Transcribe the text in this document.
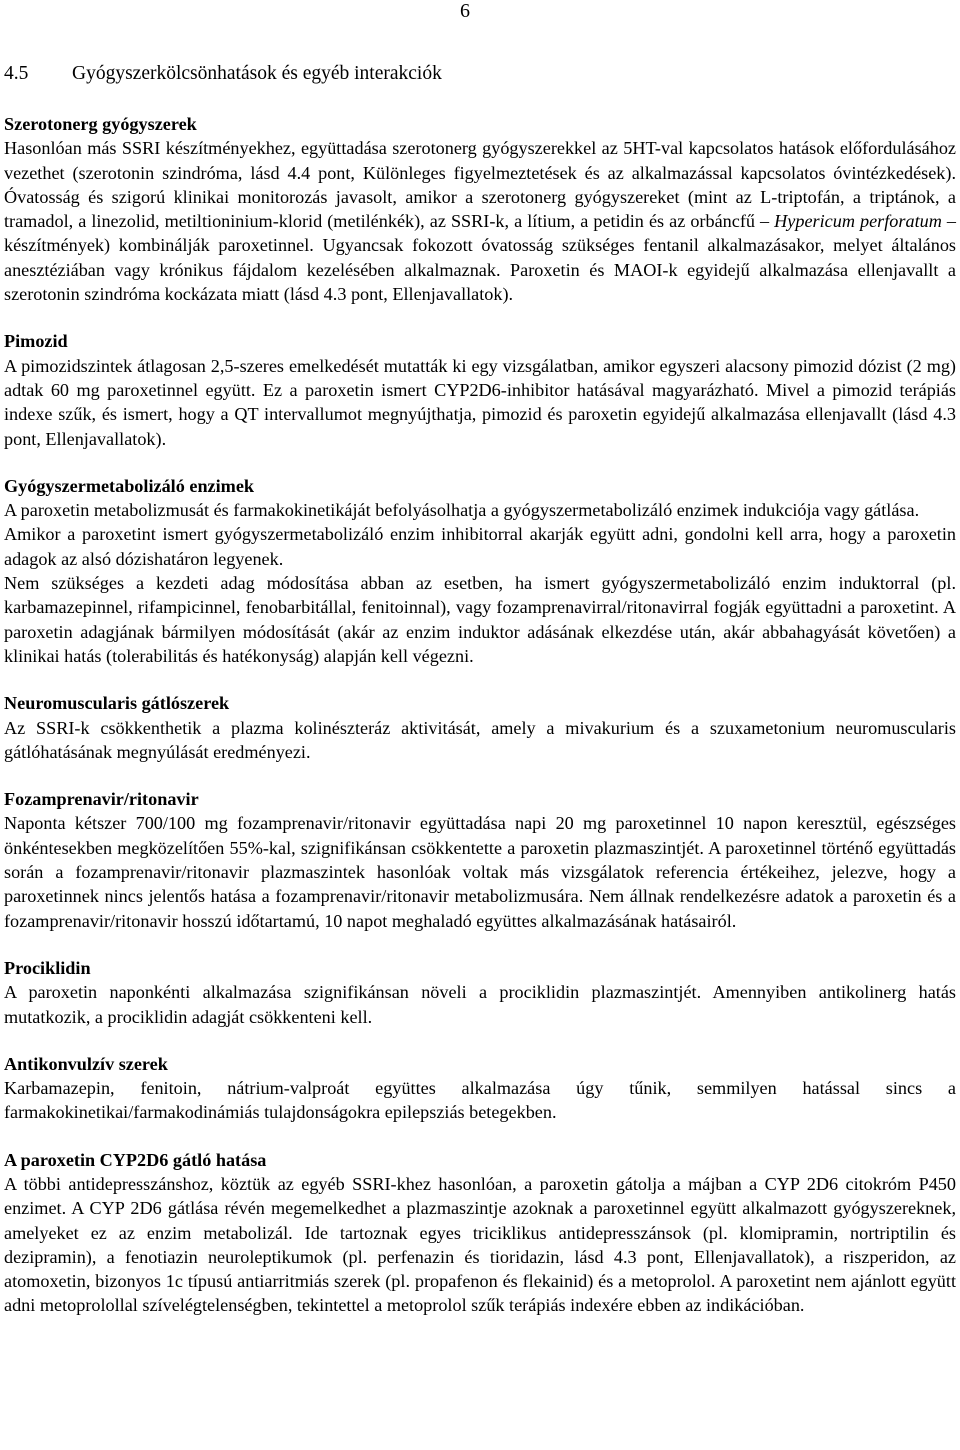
6
4.5 Gyógyszerkölcsönhatások és egyéb interakciók
Szerotonerg gyógyszerek

Hasonlóan más SSRI készítményekhez, együttadása szerotonerg gyógyszerekkel az 5HT-val kapcsolatos hatások előfordulásához vezethet (szerotonin szindróma, lásd 4.4 pont, Különleges figyelmeztetések és az alkalmazással kapcsolatos óvintézkedések). Óvatosság és szigorú klinikai monitorozás javasolt, amikor a szerotonerg gyógyszereket (mint az L-triptofán, a triptánok, a tramadol, a linezolid, metiltioninium-klorid (metilénkék), az SSRI-k, a lítium, a petidin és az orbáncfű – Hypericum perforatum – készítmények) kombinálják paroxetinnel. Ugyancsak fokozott óvatosság szükséges fentanil alkalmazásakor, melyet általános anesztéziában vagy krónikus fájdalom kezelésében alkalmaznak. Paroxetin és MAOI-k egyidejű alkalmazása ellenjavallt a szerotonin szindróma kockázata miatt (lásd 4.3 pont, Ellenjavallatok).

Pimozid

A pimozidszintek átlagosan 2,5-szeres emelkedését mutatták ki egy vizsgálatban, amikor egyszeri alacsony pimozid dózist (2 mg) adtak 60 mg paroxetinnel együtt. Ez a paroxetin ismert CYP2D6-inhibitor hatásával magyarázható. Mivel a pimozid terápiás indexe szűk, és ismert, hogy a QT intervallumot megnyújthatja, pimozid és paroxetin egyidejű alkalmazása ellenjavallt (lásd 4.3 pont, Ellenjavallatok).

Gyógyszermetabolizáló enzimek

A paroxetin metabolizmusát és farmakokinetikáját befolyásolhatja a gyógyszermetabolizáló enzimek indukciója vagy gátlása.

Amikor a paroxetint ismert gyógyszermetabolizáló enzim inhibitorral akarják együtt adni, gondolni kell arra, hogy a paroxetin adagok az alsó dózishatáron legyenek.

Nem szükséges a kezdeti adag módosítása abban az esetben, ha ismert gyógyszermetabolizáló enzim induktorral (pl. karbamazepinnel, rifampicinnel, fenobarbitállal, fenitoinnal), vagy fozamprenavirral/ritonavirral fogják együttadni a paroxetint. A paroxetin adagjának bármilyen módosítását (akár az enzim induktor adásának elkezdése után, akár abbahagyását követően) a klinikai hatás (tolerabilitás és hatékonyság) alapján kell végezni.

Neuromuscularis gátlószerek

Az SSRI-k csökkenthetik a plazma kolinészteráz aktivitását, amely a mivakurium és a szuxametonium neuromuscularis gátlóhatásának megnyúlását eredményezi.

Fozamprenavir/ritonavir

Naponta kétszer 700/100 mg fozamprenavir/ritonavir együttadása napi 20 mg paroxetinnel 10 napon keresztül, egészséges önkéntesekben megközelítően 55%-kal, szignifikánsan csökkentette a paroxetin plazmaszintjét. A paroxetinnel történő együttadás során a fozamprenavir/ritonavir plazmaszintek hasonlóak voltak más vizsgálatok referencia értékeihez, jelezve, hogy a paroxetinnek nincs jelentős hatása a fozamprenavir/ritonavir metabolizmusára. Nem állnak rendelkezésre adatok a paroxetin és a fozamprenavir/ritonavir hosszú időtartamú, 10 napot meghaladó együttes alkalmazásának hatásairól.

Prociklidin

A paroxetin naponkénti alkalmazása szignifikánsan növeli a prociklidin plazmaszintjét. Amennyiben antikolinerg hatás mutatkozik, a prociklidin adagját csökkenteni kell.

Antikonvulzív szerek

Karbamazepin, fenitoin, nátrium-valproát együttes alkalmazása úgy tűnik, semmilyen hatással sincs a farmakokinetikai/farmakodinámiás tulajdonságokra epilepsziás betegekben.

A paroxetin CYP2D6 gátló hatása

A többi antidepresszánshoz, köztük az egyéb SSRI-khez hasonlóan, a paroxetin gátolja a májban a CYP 2D6 citokróm P450 enzimet. A CYP 2D6 gátlása révén megemelkedhet a plazmaszintje azoknak a paroxetinnel együtt alkalmazott gyógyszereknek, amelyeket ez az enzim metabolizál. Ide tartoznak egyes triciklikus antidepresszánsok (pl. klomipramin, nortriptilin és dezipramin), a fenotiazin neuroleptikumok (pl. perfenazin és tioridazin, lásd 4.3 pont, Ellenjavallatok), a riszperidon, az atomoxetin, bizonyos 1c típusú antiarritmiás szerek (pl. propafenon és flekainid) és a metoprolol. A paroxetint nem ajánlott együtt adni metoprolollal szívelégtelenségben, tekintettel a metoprolol szűk terápiás indexére ebben az indikációban.
